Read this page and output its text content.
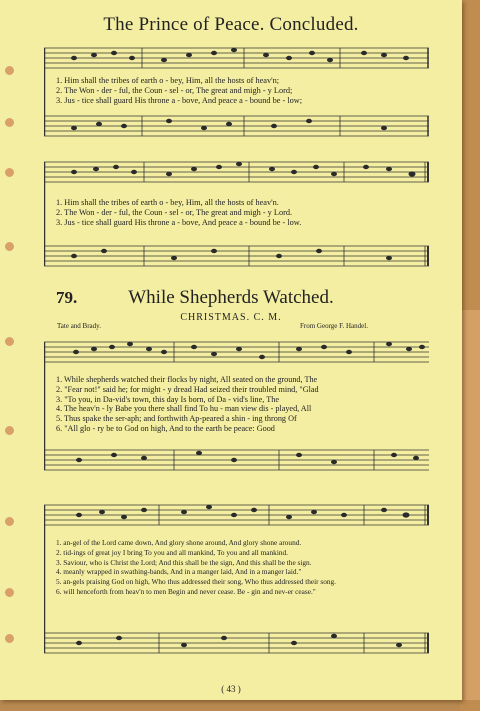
The Prince of Peace. Concluded.
1. Him shall the tribes of earth o - bey, Him, all the hosts of heav'n;
2. The Won - der - ful, the Coun - sel - or, The great and migh - y Lord;
3. Jus - tice shall guard His throne a - bove, And peace a - bound be - low;
1. Him shall the tribes of earth o - bey, Him, all the hosts of heav'n.
2. The Won - der - ful, the Coun - sel - or, The great and migh - y Lord.
3. Jus - tice shall guard His throne a - bove, And peace a - bound be - low.
79.	While Shepherds Watched.
CHRISTMAS. C. M.
Tate and Brady.	From George F. Handel.
1. While shepherds watched their flocks by night, All seated on the ground, The
2. "Fear not!" said he; for might - y dread Had seized their troubled mind, "Glad
3. "To you, in Da-vid's town, this day Is born, of Da - vid's line, The
4. The heav'n - ly Babe you there shall find To hu - man view dis - played, All
5. Thus spake the ser-aph; and forthwith Ap-peared a shin - ing throng Of
6. "All glo - ry be to God on high, And to the earth be peace: Good
1. an-gel of the Lord came down, And glory shone around, And glory shone around.
2. tid-ings of great joy I bring To you and all mankind, To you and all mankind.
3. Saviour, who is Christ the Lord; And this shall be the sign, And this shall be the sign.
4. meanly wrapped in swathing-bands, And in a manger laid, And in a manger laid."
5. an-gels praising God on high, Who thus addressed their song, Who thus addressed their song.
6. will henceforth from heav'n to men Begin and never cease. Be - gin and nev-er cease."
( 43 )
